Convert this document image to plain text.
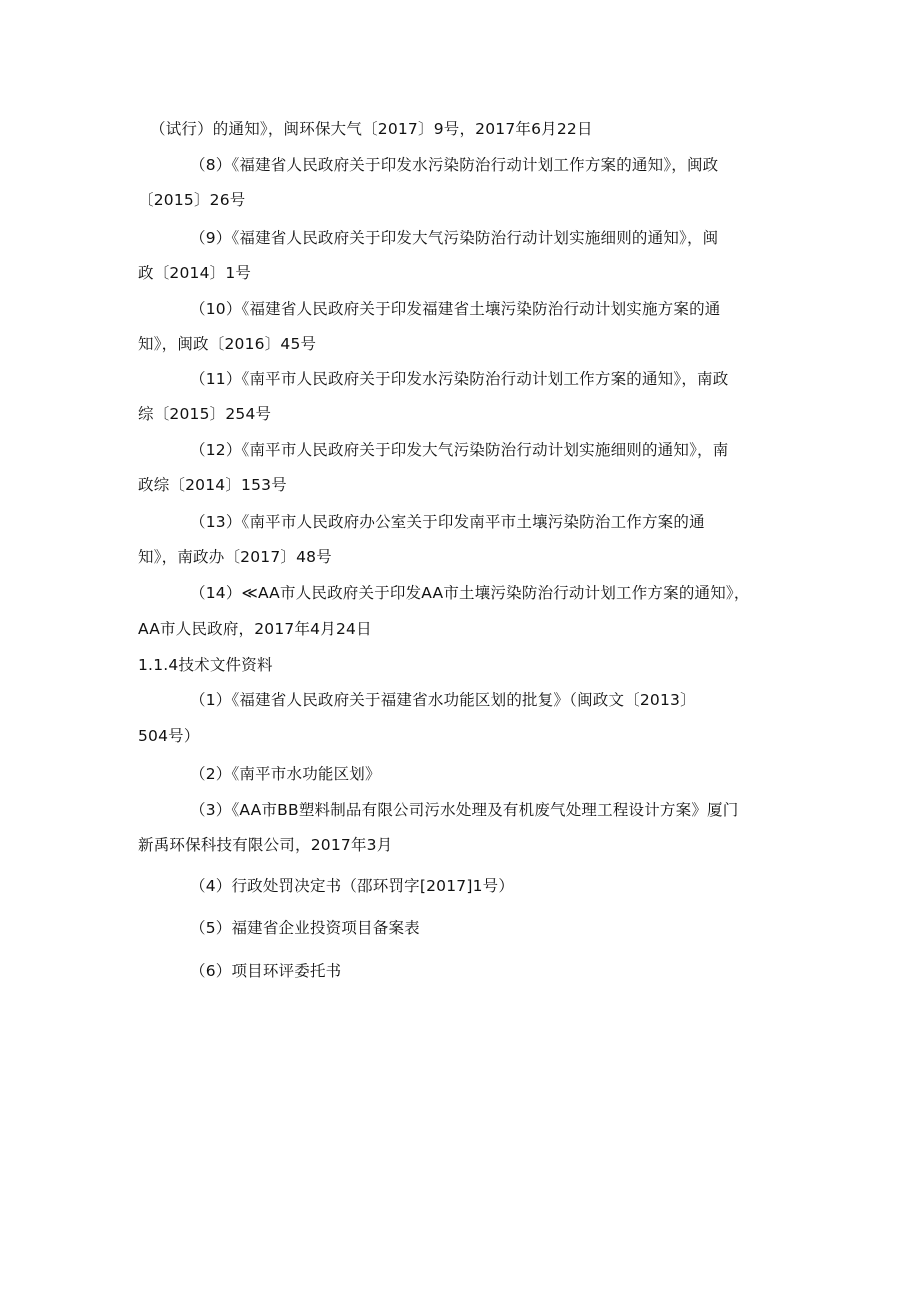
（试行）的通知》，闽环保大气〔2017〕9号，2017年6月22日
（8）《福建省人民政府关于印发水污染防治行动计划工作方案的通知》，闽政
〔2015〕26号
（9）《福建省人民政府关于印发大气污染防治行动计划实施细则的通知》，闽
政〔2014〕1号
（10）《福建省人民政府关于印发福建省土壤污染防治行动计划实施方案的通
知》，闽政〔2016〕45号
（11）《南平市人民政府关于印发水污染防治行动计划工作方案的通知》，南政
综〔2015〕254号
（12）《南平市人民政府关于印发大气污染防治行动计划实施细则的通知》，南
政综〔2014〕153号
（13）《南平市人民政府办公室关于印发南平市土壤污染防治工作方案的通
知》，南政办〔2017〕48号
（14）≪AA市人民政府关于印发AA市土壤污染防治行动计划工作方案的通知》，
AA市人民政府，2017年4月24日
1.1.4技术文件资料
（1）《福建省人民政府关于福建省水功能区划的批复》（闽政文〔2013〕
504号）
（2）《南平市水功能区划》
（3）《AA市BB塑料制品有限公司污水处理及有机废气处理工程设计方案》厦门
新禹环保科技有限公司，2017年3月
（4）行政处罚决定书（邵环罚字[2017]1号）
（5）福建省企业投资项目备案表
（6）项目环评委托书
